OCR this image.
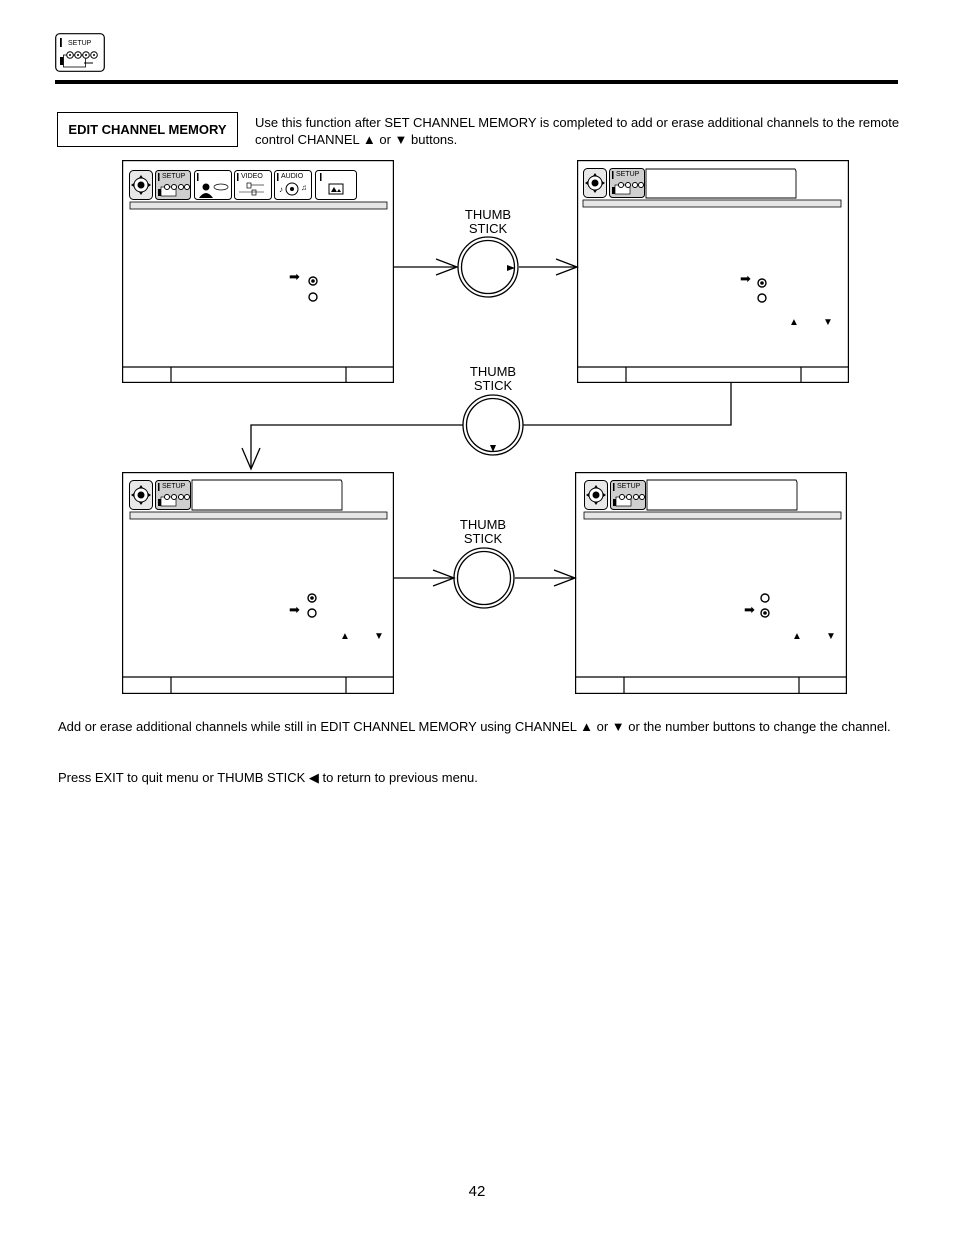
SETUP
EDIT CHANNEL MEMORY Use this function after SET CHANNEL MEMORY is completed to add or erase additional channels to the remote control CHANNEL ▲ or ▼ buttons.
SETUP	VIDEO
♪ ♫
AUDIO
➡
SETUP
➡
▲ ▼
SETUP
➡
▲ ▼
SETUP
➡
▲ ▼
THUMB
STICK
THUMB
STICK
THUMB
STICK
Add or erase additional channels while still in EDIT CHANNEL MEMORY using CHANNEL ▲ or ▼ or the number buttons to change the channel.
Press EXIT to quit menu or THUMB STICK ◀ to return to previous menu.
42
